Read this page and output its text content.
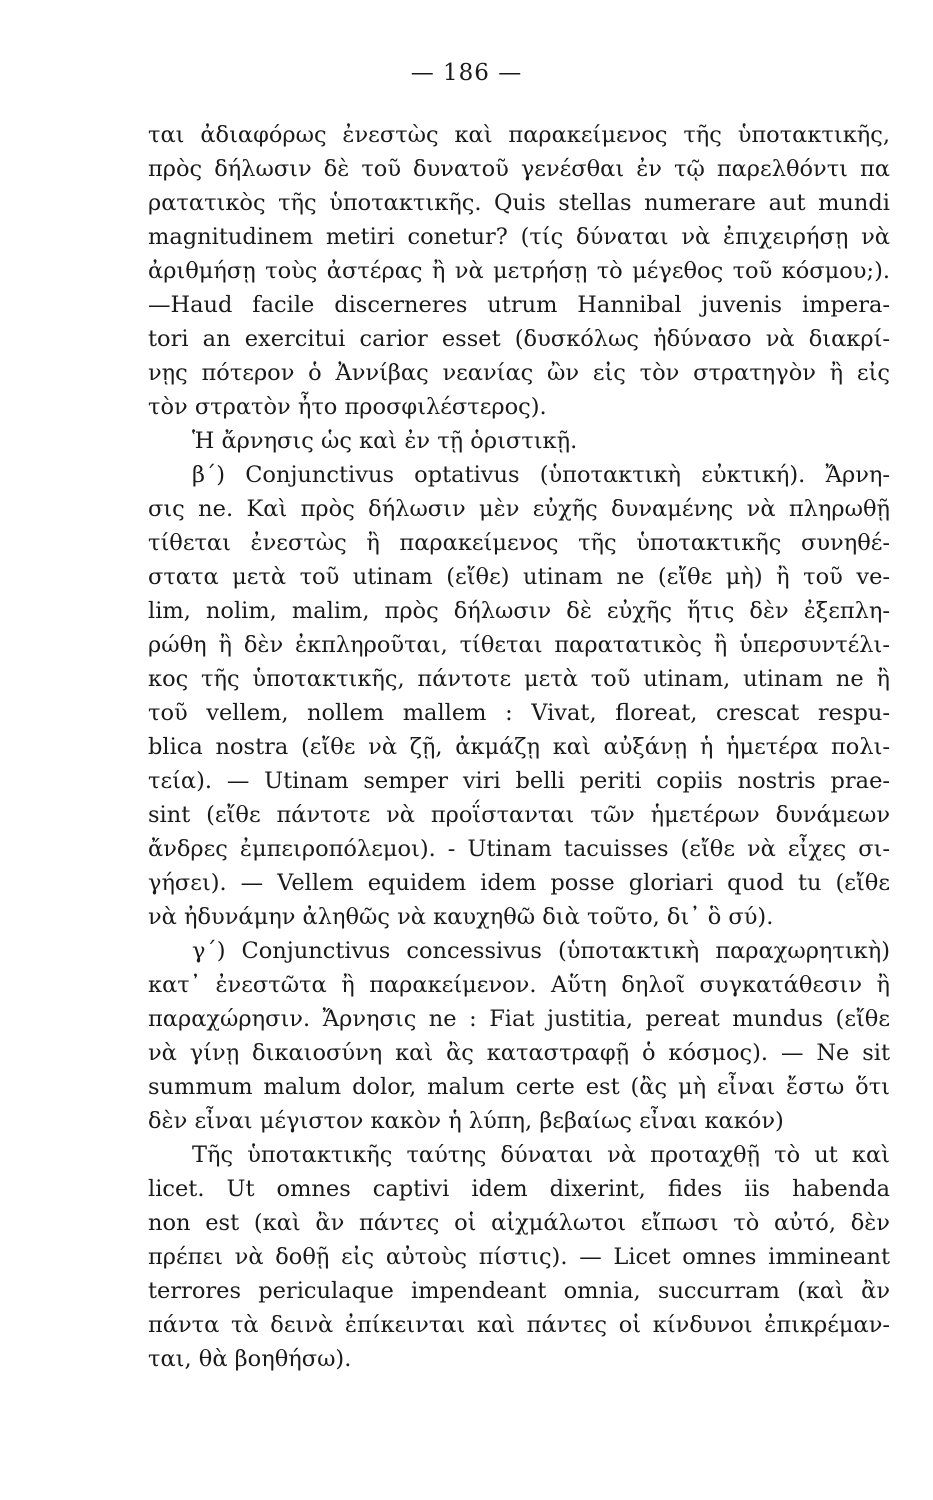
— 186 —
ται ἀδιαφόρως ἐνεστὼς καὶ παρακείμενος τῆς ὑποτακτικῆς,
πρὸς δήλωσιν δὲ τοῦ δυνατοῦ γενέσθαι ἐν τῷ παρελθόντι πα
ρατατικὸς τῆς ὑποτακτικῆς. Quis stellas numerare aut mundi
magnitudinem metiri conetur? (τίς δύναται νὰ ἐπιχειρήσῃ νὰ
ἀριθμήσῃ τοὺς ἀστέρας ἢ νὰ μετρήσῃ τὸ μέγεθος τοῦ κόσμου;).
—Haud facile discerneres utrum Hannibal juvenis impera-
tori an exercitui carior esset (δυσκόλως ἠδύνασο νὰ διακρί-
νῃς πότερον ὁ Ἀννίβας νεανίας ὢν εἰς τὸν στρατηγὸν ἢ εἰς
τὸν στρατὸν ἦτο προσφιλέστερος).
Ἡ ἄρνησις ὡς καὶ ἐν τῇ ὁριστικῇ.
β΄) Conjunctivus optativus (ὑποτακτικὴ εὐκτική). Ἄρνη-
σις ne. Καὶ πρὸς δήλωσιν μὲν εὐχῆς δυναμένης νὰ πληρωθῇ
τίθεται ἐνεστὼς ἢ παρακείμενος τῆς ὑποτακτικῆς συνηθέ-
στατα μετὰ τοῦ utinam (εἴθε) utinam ne (εἴθε μὴ) ἢ τοῦ ve-
lim, nolim, malim, πρὸς δήλωσιν δὲ εὐχῆς ἥτις δὲν ἐξεπλη-
ρώθη ἢ δὲν ἐκπληροῦται, τίθεται παρατατικὸς ἢ ὑπερσυντέλι-
κος τῆς ὑποτακτικῆς, πάντοτε μετὰ τοῦ utinam, utinam ne ἢ
τοῦ vellem, nollem mallem : Vivat, floreat, crescat respu-
blica nostra (εἴθε νὰ ζῇ, ἀκμάζῃ καὶ αὐξάνῃ ἡ ἡμετέρα πολι-
τεία). — Utinam semper viri belli periti copiis nostris prae-
sint (εἴθε πάντοτε νὰ προΐστανται τῶν ἡμετέρων δυνάμεων
ἄνδρες ἐμπειροπόλεμοι). - Utinam tacuisses (εἴθε νὰ εἶχες σι-
γήσει). — Vellem equidem idem posse gloriari quod tu (εἴθε
νὰ ἠδυνάμην ἀληθῶς νὰ καυχηθῶ διὰ τοῦτο, δι᾽ ὃ σύ).
γ΄) Conjunctivus concessivus (ὑποτακτικὴ παραχωρητικὴ)
κατ᾽ ἐνεστῶτα ἢ παρακείμενον. Αὕτη δηλοῖ συγκατάθεσιν ἢ
παραχώρησιν. Ἄρνησις ne : Fiat justitia, pereat mundus (εἴθε
νὰ γίνῃ δικαιοσύνη καὶ ἂς καταστραφῇ ὁ κόσμος). — Ne sit
summum malum dolor, malum certe est (ἂς μὴ εἶναι ἔστω ὅτι
δὲν εἶναι μέγιστον κακὸν ἡ λύπη, βεβαίως εἶναι κακόν)
Τῆς ὑποτακτικῆς ταύτης δύναται νὰ προταχθῇ τὸ ut καὶ
licet. Ut omnes captivi idem dixerint, fides iis habenda
non est (καὶ ἂν πάντες οἱ αἰχμάλωτοι εἴπωσι τὸ αὐτό, δὲν
πρέπει νὰ δοθῇ εἰς αὐτοὺς πίστις). — Licet omnes immineant
terrores periculaque impendeant omnia, succurram (καὶ ἂν
πάντα τὰ δεινὰ ἐπίκεινται καὶ πάντες οἱ κίνδυνοι ἐπικρέμαν-
ται, θὰ βοηθήσω).
